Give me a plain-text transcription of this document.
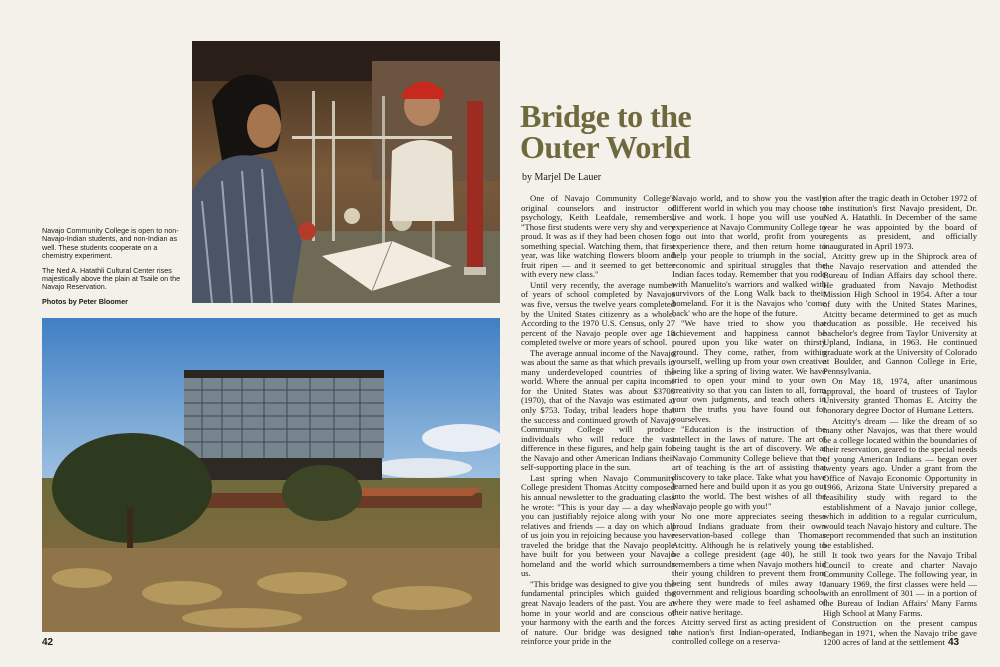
Navajo Community College is open to non-Navajo-Indian students, and non-Indian as well. These students cooperate on a chemistry experiment.

The Ned A. Hatathli Cultural Center rises majestically above the plain at Tsaile on the Navajo Reservation.

Photos by Peter Bloomer

42	43
Bridge to the
Outer World
by Marjel De Lauer

One of Navajo Community College's original counselors and instructor of psychology, Keith Leafdale, remembers, "Those first students were very shy and very proud. It was as if they had been chosen for something special. Watching them, that first year, was like watching flowers bloom and fruit ripen — and it seemed to get better with every new class."

Until very recently, the average number of years of school completed by Navajos was five, versus the twelve years completed by the United States citizenry as a whole. According to the 1970 U.S. Census, only 27 percent of the Navajo people over age 18 completed twelve or more years of school.

The average annual income of the Navajo was about the same as that which prevails in many underdeveloped countries of the world. Where the annual per capita income for the United States was about $3700 (1970), that of the Navajo was estimated at only $753. Today, tribal leaders hope that the success and continued growth of Navajo Community College will produce individuals who will reduce the vast difference in these figures, and help gain for the Navajo and other American Indians their self-supporting place in the sun.

Last spring when Navajo Community College president Thomas Atcitty composed his annual newsletter to the graduating class he wrote: "This is your day — a day when you can justifiably rejoice along with your relatives and friends — a day on which all of us join you in rejoicing because you have traveled the bridge that the Navajo people have built for you between your Navajo homeland and the world which surrounds us.

"This bridge was designed to give you the fundamental principles which guided the great Navajo leaders of the past. You are at home in your world and are conscious of your harmony with the earth and the forces of nature. Our bridge was designed to reinforce your pride in the

Navajo world, and to show you the vastly different world in which you may choose to live and work. I hope you will use your experience at Navajo Community College to go out into that world, profit from your experience there, and then return home to help your people to triumph in the social, economic and spiritual struggles that the Indian faces today. Remember that you rode with Manuelito's warriors and walked with survivors of the Long Walk back to their homeland. For it is the Navajos who 'come back' who are the hope of the future.

"We have tried to show you that achievement and happiness cannot be poured upon you like water on thirsty ground. They come, rather, from within yourself, welling up from your own creative being like a spring of living water. We have tried to open your mind to your own creativity so that you can listen to all, form your own judgments, and teach others in turn the truths you have found out for yourselves.

"Education is the instruction of the intellect in the laws of nature. The art of being taught is the art of discovery. We at Navajo Community College believe that the art of teaching is the art of assisting that discovery to take place. Take what you have learned here and build upon it as you go out into the world. The best wishes of all the Navajo people go with you!"

No one more appreciates seeing these proud Indians graduate from their own reservation-based college than Thomas Atcitty. Although he is relatively young to be a college president (age 40), he still remembers a time when Navajo mothers hid their young children to prevent them from being sent hundreds of miles away to government and religious boarding schools, where they were made to feel ashamed of their native heritage.

Atcitty served first as acting president of the nation's first Indian-operated, Indian-controlled college on a reserva-

tion after the tragic death in October 1972 of the institution's first Navajo president, Dr. Ned A. Hatathli. In December of the same year he was appointed by the board of regents as president, and officially inaugurated in April 1973.

Atcitty grew up in the Shiprock area of the Navajo reservation and attended the Bureau of Indian Affairs day school there. He graduated from Navajo Methodist Mission High School in 1954. After a tour of duty with the United States Marines, Atcitty became determined to get as much education as possible. He received his bachelor's degree from Taylor University at Upland, Indiana, in 1963. He continued graduate work at the University of Colorado at Boulder, and Gannon College in Erie, Pennsylvania.

On May 18, 1974, after unanimous approval, the board of trustees of Taylor University granted Thomas E. Atcitty the honorary degree Doctor of Humane Letters.

Atcitty's dream — like the dream of so many other Navajos, was that there would be a college located within the boundaries of their reservation, geared to the special needs of young American Indians — began over twenty years ago. Under a grant from the Office of Navajo Economic Opportunity in 1966, Arizona State University prepared a feasibility study with regard to the establishment of a Navajo junior college, which in addition to a regular curriculum, would teach Navajo history and culture. The report recommended that such an institution be established.

It took two years for the Navajo Tribal Council to create and charter Navajo Community College. The following year, in January 1969, the first classes were held — with an enrollment of 301 — in a portion of the Bureau of Indian Affairs' Many Farms High School at Many Farms.

Construction on the present campus began in 1971, when the Navajo tribe gave 1200 acres of land at the settlement
